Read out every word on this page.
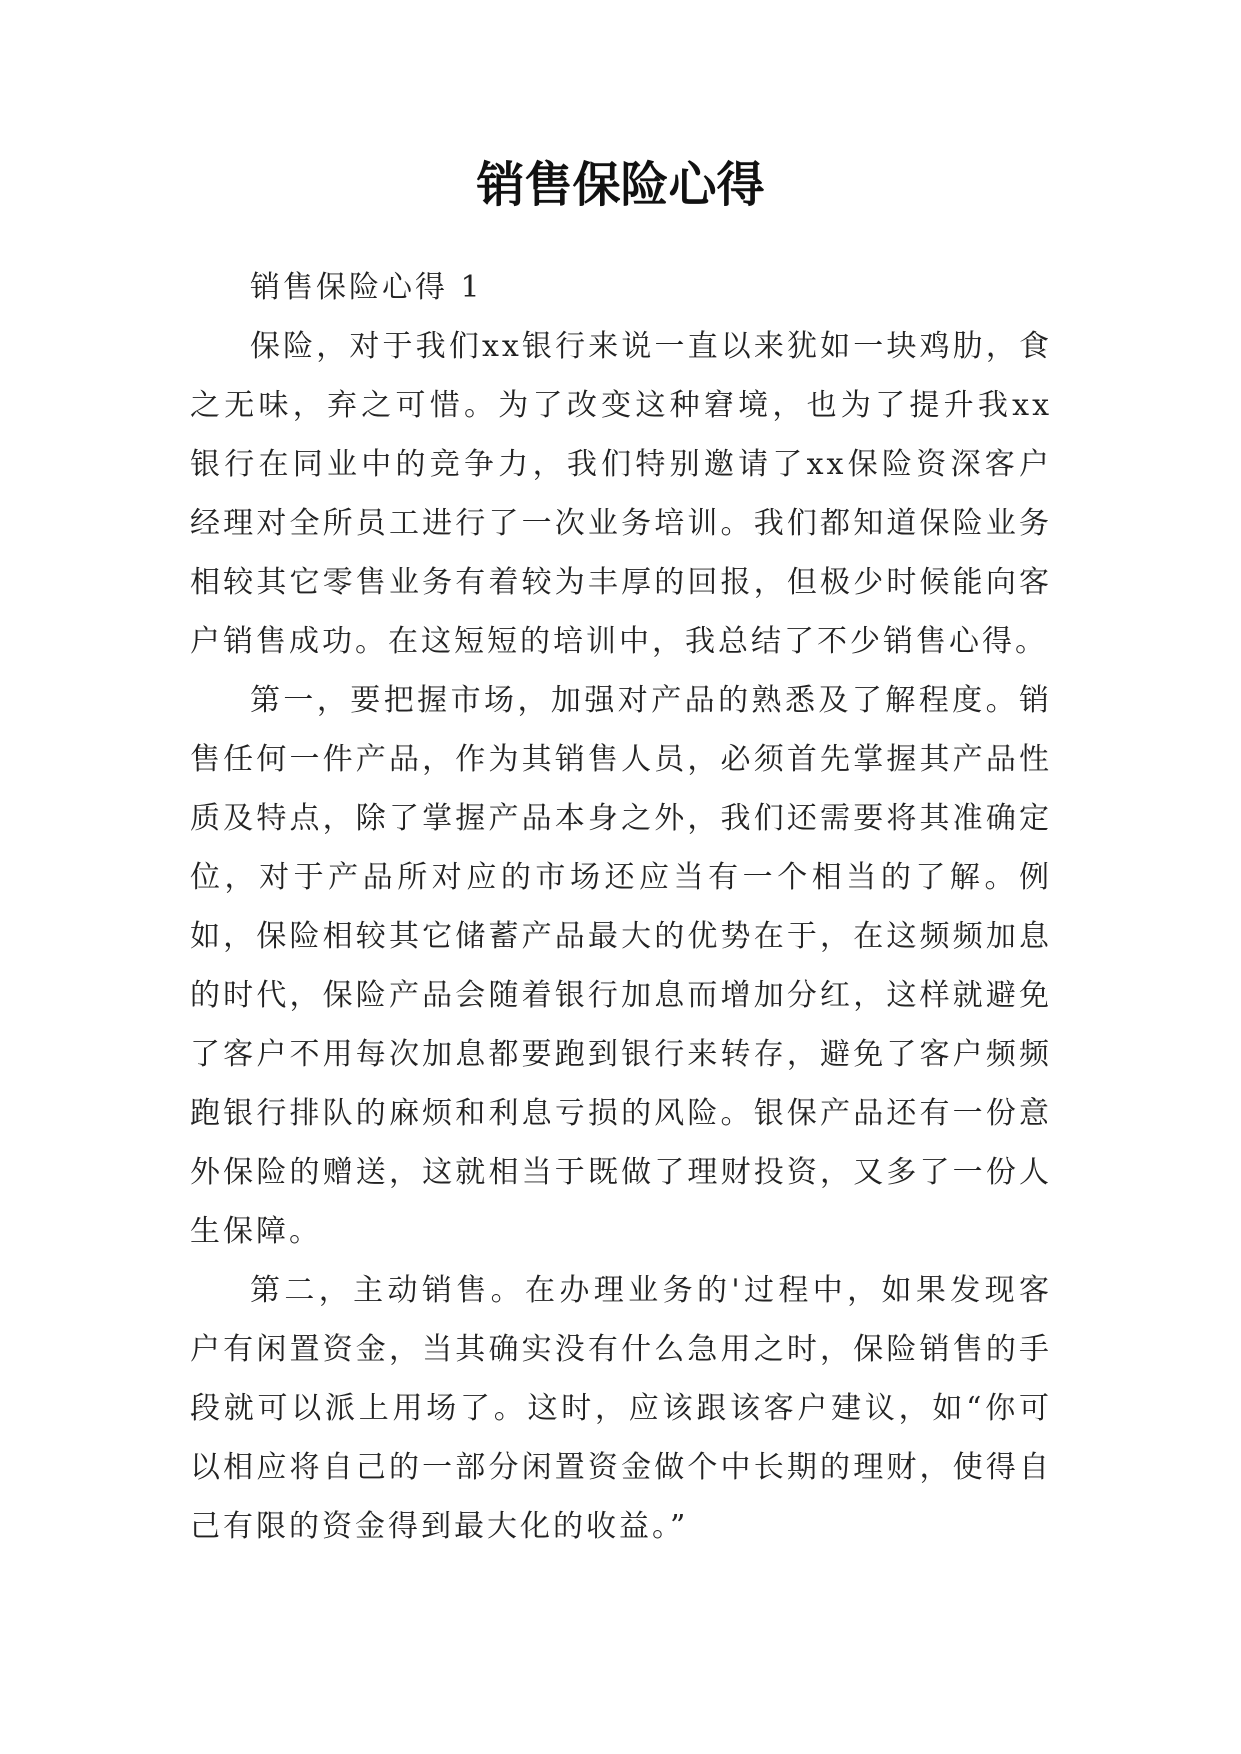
销售保险心得

销售保险心得 1

保险，对于我们xx银行来说一直以来犹如一块鸡肋，食之无味，弃之可惜。为了改变这种窘境，也为了提升我xx银行在同业中的竞争力，我们特别邀请了xx保险资深客户经理对全所员工进行了一次业务培训。我们都知道保险业务相较其它零售业务有着较为丰厚的回报，但极少时候能向客户销售成功。在这短短的培训中，我总结了不少销售心得。

第一，要把握市场，加强对产品的熟悉及了解程度。销售任何一件产品，作为其销售人员，必须首先掌握其产品性质及特点，除了掌握产品本身之外，我们还需要将其准确定位，对于产品所对应的市场还应当有一个相当的了解。例如，保险相较其它储蓄产品最大的优势在于，在这频频加息的时代，保险产品会随着银行加息而增加分红，这样就避免了客户不用每次加息都要跑到银行来转存，避免了客户频频跑银行排队的麻烦和利息亏损的风险。银保产品还有一份意外保险的赠送，这就相当于既做了理财投资，又多了一份人生保障。

第二，主动销售。在办理业务的'过程中，如果发现客户有闲置资金，当其确实没有什么急用之时，保险销售的手段就可以派上用场了。这时，应该跟该客户建议，如“你可以相应将自己的一部分闲置资金做个中长期的理财，使得自己有限的资金得到最大化的收益。”
